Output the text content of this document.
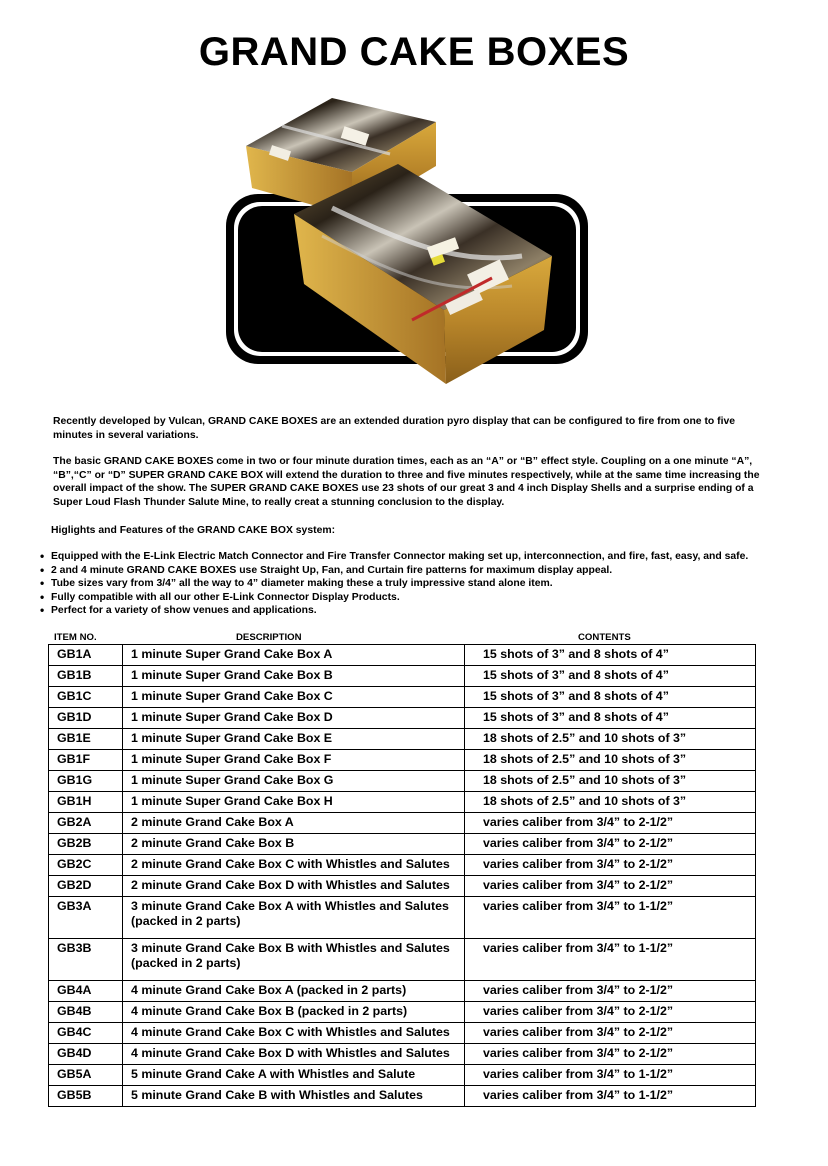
GRAND CAKE BOXES
Recently developed by Vulcan, GRAND CAKE BOXES are an extended duration pyro display that can be configured to fire from one to five minutes in several variations.
The basic GRAND CAKE BOXES come in two or four minute duration times, each as an “A” or “B” effect style. Coupling on a one minute “A”, “B”,“C” or “D” SUPER GRAND CAKE BOX will extend the duration to three and five minutes respectively, while at the same time increasing the overall impact of the show. The SUPER GRAND CAKE BOXES use 23 shots of our great 3 and 4 inch Display Shells and a surprise ending of a Super Loud Flash Thunder Salute Mine, to really creat a stunning conclusion to the display.
Higlights and Features of the GRAND CAKE BOX system:
• Equipped with the E-Link Electric Match Connector and Fire Transfer Connector making set up, interconnection, and fire, fast, easy, and safe.
• 2 and 4 minute GRAND CAKE BOXES use Straight Up, Fan, and Curtain fire patterns for maximum display appeal.
• Tube sizes vary from 3/4” all the way to 4” diameter making these a truly impressive stand alone item.
• Fully compatible with all our other E-Link Connector Display Products.
• Perfect for a variety of show venues and applications.
ITEM NO.	DESCRIPTION	CONTENTS
GB1A	1 minute Super Grand Cake Box A	15 shots of 3” and 8 shots of 4”
GB1B	1 minute Super Grand Cake Box B	15 shots of 3” and 8 shots of 4”
GB1C	1 minute Super Grand Cake Box C	15 shots of 3” and 8 shots of 4”
GB1D	1 minute Super Grand Cake Box D	15 shots of 3” and 8 shots of 4”
GB1E	1 minute Super Grand Cake Box E	18 shots of 2.5” and 10 shots of 3”
GB1F	1 minute Super Grand Cake Box F	18 shots of 2.5” and 10 shots of 3”
GB1G	1 minute Super Grand Cake Box G	18 shots of 2.5” and 10 shots of 3”
GB1H	1 minute Super Grand Cake Box H	18 shots of 2.5” and 10 shots of 3”
GB2A	2 minute Grand Cake Box A	varies caliber from 3/4” to 2-1/2”
GB2B	2 minute Grand Cake Box B	varies caliber from 3/4” to 2-1/2”
GB2C	2 minute Grand Cake Box C with Whistles and Salutes	varies caliber from 3/4” to 2-1/2”
GB2D	2 minute Grand Cake Box D with Whistles and Salutes	varies caliber from 3/4” to 2-1/2”
GB3A	3 minute Grand Cake Box A with Whistles and Salutes
(packed in 2 parts)	varies caliber from 3/4” to 1-1/2”
GB3B	3 minute Grand Cake Box B with Whistles and Salutes
(packed in 2 parts)	varies caliber from 3/4” to 1-1/2”
GB4A	4 minute Grand Cake Box A (packed in 2 parts)	varies caliber from 3/4” to 2-1/2”
GB4B	4 minute Grand Cake Box B (packed in 2 parts)	varies caliber from 3/4” to 2-1/2”
GB4C	4 minute Grand Cake Box C with Whistles and Salutes	varies caliber from 3/4” to 2-1/2”
GB4D	4 minute Grand Cake Box D with Whistles and Salutes	varies caliber from 3/4” to 2-1/2”
GB5A	5 minute Grand Cake A with Whistles and Salute	varies caliber from 3/4” to 1-1/2”
GB5B	5 minute Grand Cake B with Whistles and Salutes	varies caliber from 3/4” to 1-1/2”
